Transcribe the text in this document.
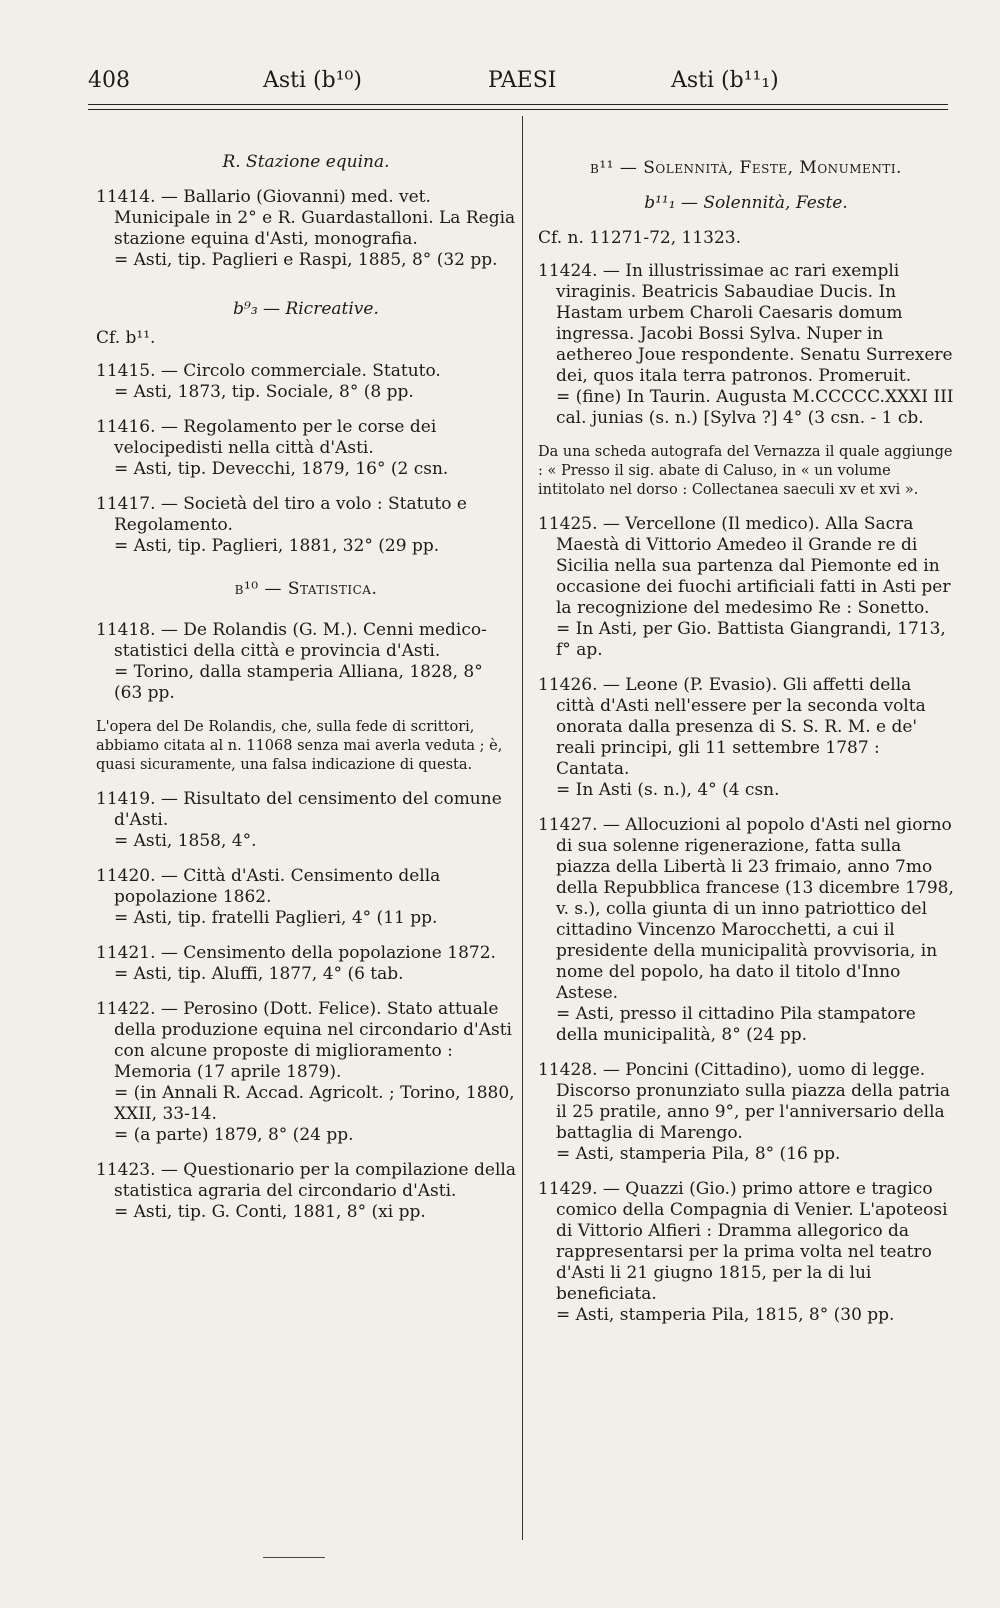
408	Asti (b¹⁰)	PAESI	Asti (b¹¹₁)

R. Stazione equina.

11414. — Ballario (Giovanni) med. vet. Municipale in 2° e R. Guardastalloni. La Regia stazione equina d'Asti, monografia.

= Asti, tip. Paglieri e Raspi, 1885, 8° (32 pp.

b⁹₃ — Ricreative.

Cf. b¹¹.

11415. — Circolo commerciale. Statuto.

= Asti, 1873, tip. Sociale, 8° (8 pp.

11416. — Regolamento per le corse dei velocipedisti nella città d'Asti.

= Asti, tip. Devecchi, 1879, 16° (2 csn.

11417. — Società del tiro a volo : Statuto e Regolamento.

= Asti, tip. Paglieri, 1881, 32° (29 pp.

b¹⁰ — Statistica.

11418. — De Rolandis (G. M.). Cenni medico-statistici della città e provincia d'Asti.

= Torino, dalla stamperia Alliana, 1828, 8° (63 pp.

L'opera del De Rolandis, che, sulla fede di scrittori, abbiamo citata al n. 11068 senza mai averla veduta ; è, quasi sicuramente, una falsa indicazione di questa.

11419. — Risultato del censimento del comune d'Asti.

= Asti, 1858, 4°.

11420. — Città d'Asti. Censimento della popolazione 1862.

= Asti, tip. fratelli Paglieri, 4° (11 pp.

11421. — Censimento della popolazione 1872.

= Asti, tip. Aluffi, 1877, 4° (6 tab.

11422. — Perosino (Dott. Felice). Stato attuale della produzione equina nel circondario d'Asti con alcune proposte di miglioramento : Memoria (17 aprile 1879).

= (in Annali R. Accad. Agricolt. ; Torino, 1880, XXII, 33-14.

= (a parte) 1879, 8° (24 pp.

11423. — Questionario per la compilazione della statistica agraria del circondario d'Asti.

= Asti, tip. G. Conti, 1881, 8° (xi pp.

b¹¹ — Solennità, Feste, Monumenti.

b¹¹₁ — Solennità, Feste.

Cf. n. 11271-72, 11323.

11424. — In illustrissimae ac rari exempli viraginis. Beatricis Sabaudiae Ducis. In Hastam urbem Charoli Caesaris domum ingressa. Jacobi Bossi Sylva. Nuper in aethereo Joue respondente. Senatu Surrexere dei, quos itala terra patronos. Promeruit.

= (fine) In Taurin. Augusta M.CCCCC.XXXI III cal. junias (s. n.) [Sylva ?] 4° (3 csn. - 1 cb.

Da una scheda autografa del Vernazza il quale aggiunge : « Presso il sig. abate di Caluso, in « un volume intitolato nel dorso : Collectanea saeculi xv et xvi ».

11425. — Vercellone (Il medico). Alla Sacra Maestà di Vittorio Amedeo il Grande re di Sicilia nella sua partenza dal Piemonte ed in occasione dei fuochi artificiali fatti in Asti per la recognizione del medesimo Re : Sonetto.

= In Asti, per Gio. Battista Giangrandi, 1713, f° ap.

11426. — Leone (P. Evasio). Gli affetti della città d'Asti nell'essere per la seconda volta onorata dalla presenza di S. S. R. M. e de' reali principi, gli 11 settembre 1787 : Cantata.

= In Asti (s. n.), 4° (4 csn.

11427. — Allocuzioni al popolo d'Asti nel giorno di sua solenne rigenerazione, fatta sulla piazza della Libertà li 23 frimaio, anno 7mo della Repubblica francese (13 dicembre 1798, v. s.), colla giunta di un inno patriottico del cittadino Vincenzo Marocchetti, a cui il presidente della municipalità provvisoria, in nome del popolo, ha dato il titolo d'Inno Astese.

= Asti, presso il cittadino Pila stampatore della municipalità, 8° (24 pp.

11428. — Poncini (Cittadino), uomo di legge. Discorso pronunziato sulla piazza della patria il 25 pratile, anno 9°, per l'anniversario della battaglia di Marengo.

= Asti, stamperia Pila, 8° (16 pp.

11429. — Quazzi (Gio.) primo attore e tragico comico della Compagnia di Venier. L'apoteosi di Vittorio Alfieri : Dramma allegorico da rappresentarsi per la prima volta nel teatro d'Asti li 21 giugno 1815, per la di lui beneficiata.

= Asti, stamperia Pila, 1815, 8° (30 pp.
